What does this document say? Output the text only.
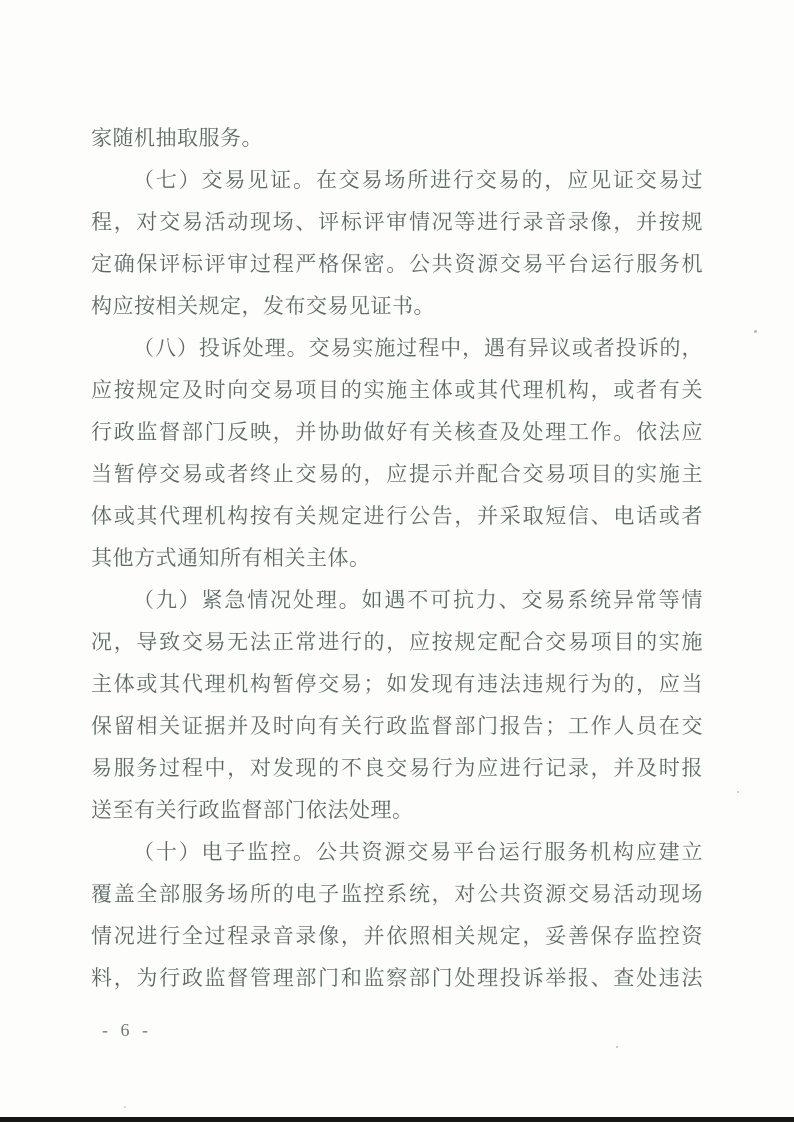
家随机抽取服务。
（七）交易见证。在交易场所进行交易的，应见证交易过
程，对交易活动现场、评标评审情况等进行录音录像，并按规
定确保评标评审过程严格保密。公共资源交易平台运行服务机
构应按相关规定，发布交易见证书。
（八）投诉处理。交易实施过程中，遇有异议或者投诉的，
应按规定及时向交易项目的实施主体或其代理机构，或者有关
行政监督部门反映，并协助做好有关核查及处理工作。依法应
当暂停交易或者终止交易的，应提示并配合交易项目的实施主
体或其代理机构按有关规定进行公告，并采取短信、电话或者
其他方式通知所有相关主体。
（九）紧急情况处理。如遇不可抗力、交易系统异常等情
况，导致交易无法正常进行的，应按规定配合交易项目的实施
主体或其代理机构暂停交易；如发现有违法违规行为的，应当
保留相关证据并及时向有关行政监督部门报告；工作人员在交
易服务过程中，对发现的不良交易行为应进行记录，并及时报
送至有关行政监督部门依法处理。
（十）电子监控。公共资源交易平台运行服务机构应建立
覆盖全部服务场所的电子监控系统，对公共资源交易活动现场
情况进行全过程录音录像，并依照相关规定，妥善保存监控资
料，为行政监督管理部门和监察部门处理投诉举报、查处违法
- 6 -
